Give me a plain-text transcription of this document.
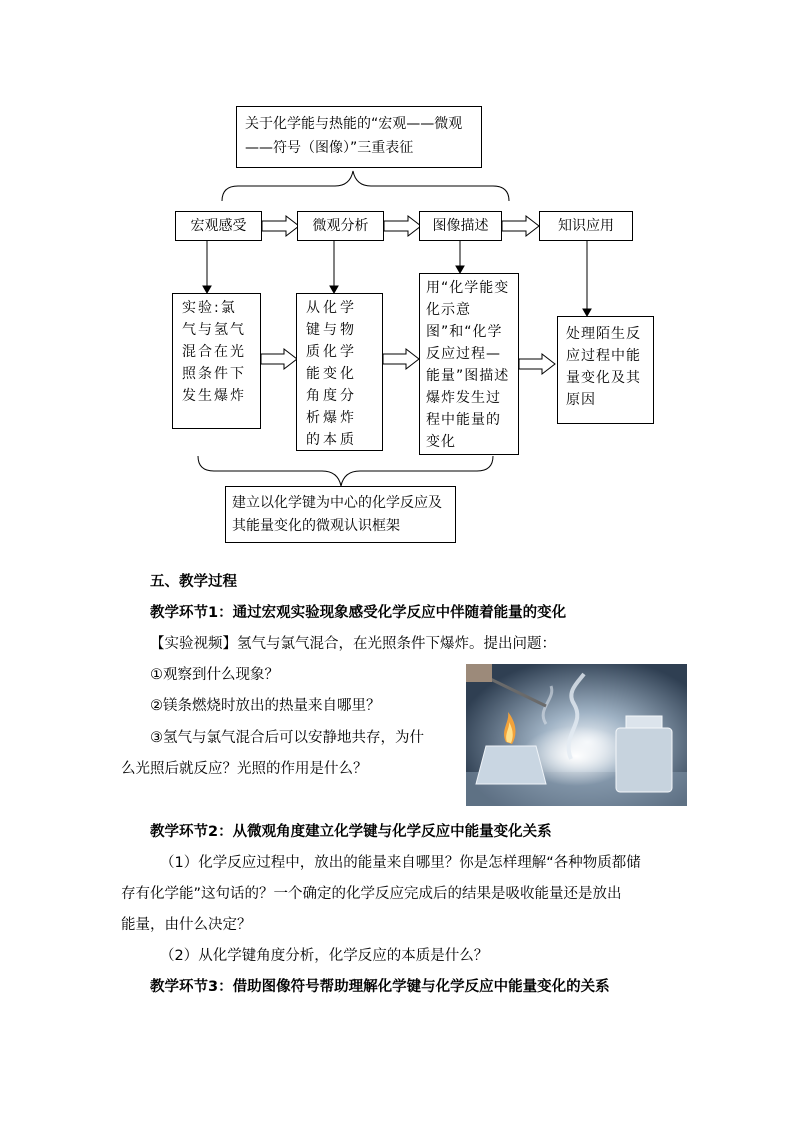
关于化学能与热能的“宏观——微观——符号（图像）”三重表征
宏观感受	微观分析	图像描述	知识应用
实验:氯气与氢气混合在光照条件下发生爆炸
从化学键与物质化学能变化角度分析爆炸的本质
用“化学能变化示意图”和“化学反应过程—能量”图描述爆炸发生过程中能量的变化
处理陌生反应过程中能量变化及其原因
建立以化学键为中心的化学反应及其能量变化的微观认识框架
五、教学过程
教学环节1：通过宏观实验现象感受化学反应中伴随着能量的变化
【实验视频】氢气与氯气混合，在光照条件下爆炸。提出问题：
①观察到什么现象？
②镁条燃烧时放出的热量来自哪里？
③氢气与氯气混合后可以安静地共存，为什
么光照后就反应？光照的作用是什么？
教学环节2：从微观角度建立化学键与化学反应中能量变化关系
（1）化学反应过程中，放出的能量来自哪里？你是怎样理解“各种物质都储
存有化学能”这句话的？一个确定的化学反应完成后的结果是吸收能量还是放出
能量，由什么决定？
（2）从化学键角度分析，化学反应的本质是什么？
教学环节3：借助图像符号帮助理解化学键与化学反应中能量变化的关系
